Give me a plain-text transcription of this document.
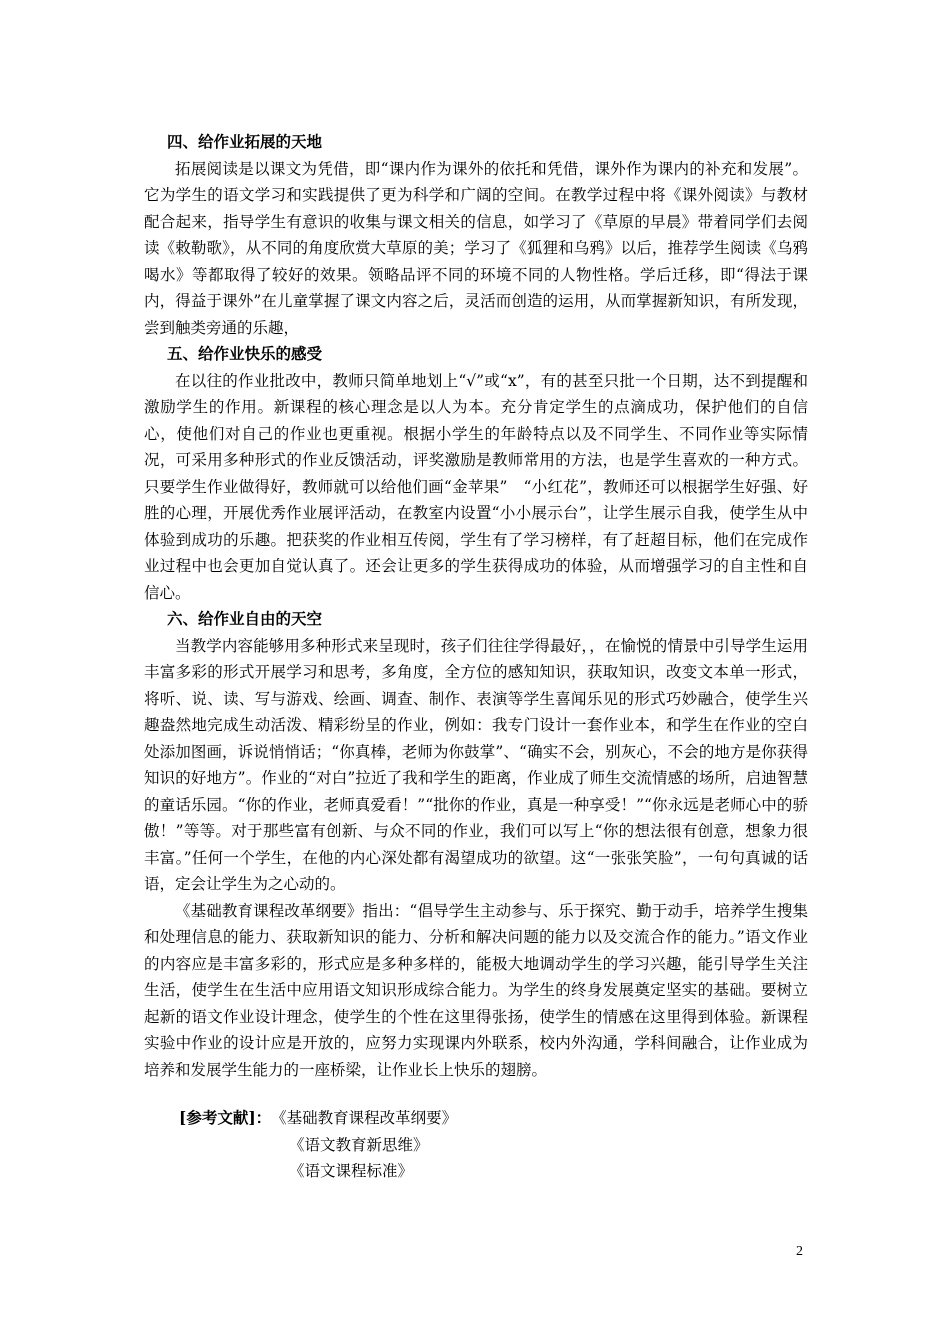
四、给作业拓展的天地

拓展阅读是以课文为凭借，即“课内作为课外的依托和凭借，课外作为课内的补充和发展”。它为学生的语文学习和实践提供了更为科学和广阔的空间。在教学过程中将《课外阅读》与教材配合起来，指导学生有意识的收集与课文相关的信息，如学习了《草原的早晨》带着同学们去阅读《敕勒歌》，从不同的角度欣赏大草原的美；学习了《狐狸和乌鸦》以后，推荐学生阅读《乌鸦喝水》等都取得了较好的效果。领略品评不同的环境不同的人物性格。学后迁移，即“得法于课内，得益于课外”在儿童掌握了课文内容之后，灵活而创造的运用，从而掌握新知识，有所发现，尝到触类旁通的乐趣，

五、给作业快乐的感受

在以往的作业批改中，教师只简单地划上“√”或“x”，有的甚至只批一个日期，达不到提醒和激励学生的作用。新课程的核心理念是以人为本。充分肯定学生的点滴成功，保护他们的自信心，使他们对自己的作业也更重视。根据小学生的年龄特点以及不同学生、不同作业等实际情况，可采用多种形式的作业反馈活动，评奖激励是教师常用的方法，也是学生喜欢的一种方式。只要学生作业做得好，教师就可以给他们画“金苹果”　“小红花”，教师还可以根据学生好强、好胜的心理，开展优秀作业展评活动，在教室内设置“小小展示台”，让学生展示自我，使学生从中体验到成功的乐趣。把获奖的作业相互传阅，学生有了学习榜样，有了赶超目标，他们在完成作业过程中也会更加自觉认真了。还会让更多的学生获得成功的体验，从而增强学习的自主性和自信心。

六、给作业自由的天空

当教学内容能够用多种形式来呈现时，孩子们往往学得最好，，在愉悦的情景中引导学生运用丰富多彩的形式开展学习和思考，多角度，全方位的感知知识，获取知识，改变文本单一形式，将听、说、读、写与游戏、绘画、调查、制作、表演等学生喜闻乐见的形式巧妙融合，使学生兴趣盎然地完成生动活泼、精彩纷呈的作业，例如：我专门设计一套作业本，和学生在作业的空白处添加图画，诉说悄悄话；“你真棒，老师为你鼓掌”、“确实不会，别灰心，不会的地方是你获得知识的好地方”。作业的“对白”拉近了我和学生的距离，作业成了师生交流情感的场所，启迪智慧的童话乐园。“你的作业，老师真爱看！”“批你的作业，真是一种享受！”“你永远是老师心中的骄傲！”等等。对于那些富有创新、与众不同的作业，我们可以写上“你的想法很有创意，想象力很丰富。”任何一个学生，在他的内心深处都有渴望成功的欲望。这“一张张笑脸”，一句句真诚的话语，定会让学生为之心动的。

《基础教育课程改革纲要》指出：“倡导学生主动参与、乐于探究、勤于动手，培养学生搜集和处理信息的能力、获取新知识的能力、分析和解决问题的能力以及交流合作的能力。”语文作业的内容应是丰富多彩的，形式应是多种多样的，能极大地调动学生的学习兴趣，能引导学生关注生活，使学生在生活中应用语文知识形成综合能力。为学生的终身发展奠定坚实的基础。要树立起新的语文作业设计理念，使学生的个性在这里得张扬，使学生的情感在这里得到体验。新课程实验中作业的设计应是开放的，应努力实现课内外联系，校内外沟通，学科间融合，让作业成为培养和发展学生能力的一座桥梁，让作业长上快乐的翅膀。

[参考文献]： 《基础教育课程改革纲要》
《语文教育新思维》
《语文课程标准》
2
